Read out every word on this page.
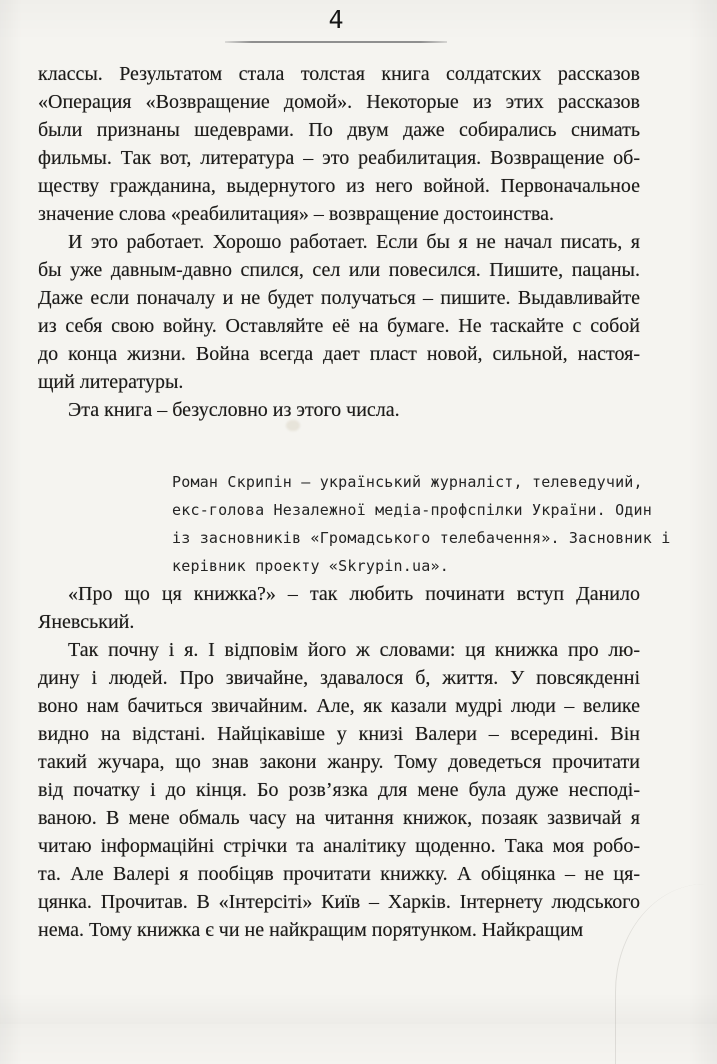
4
классы. Результатом стала толстая книга солдатских рассказов
«Операция «Возвращение домой». Некоторые из этих рассказов
были признаны шедеврами. По двум даже собирались снимать
фильмы. Так вот, литература – это реабилитация. Возвращение об-
ществу гражданина, выдернутого из него войной. Первоначальное
значение слова «реабилитация» – возвращение достоинства.
И это работает. Хорошо работает. Если бы я не начал писать, я
бы уже давным-давно спился, сел или повесился. Пишите, пацаны.
Даже если поначалу и не будет получаться – пишите. Выдавливайте
из себя свою войну. Оставляйте её на бумаге. Не таскайте с собой
до конца жизни. Война всегда дает пласт новой, сильной, настоя-
щий литературы.
Эта книга – безусловно из этого числа.
Роман Скрипін – український журналіст, телеведучий,
екс-голова Незалежної медіа-профспілки України. Один
із засновників «Громадського телебачення». Засновник і
керівник проекту «Skrypin.ua».
«Про що ця книжка?» – так любить починати вступ Данило
Яневський.
Так почну і я. І відповім його ж словами: ця книжка про лю-
дину і людей. Про звичайне, здавалося б, життя. У повсякденні
воно нам бачиться звичайним. Але, як казали мудрі люди – велике
видно на відстані. Найцікавіше у книзі Валери – всередині. Він
такий жучара, що знав закони жанру. Тому доведеться прочитати
від початку і до кінця. Бо розв’язка для мене була дуже несподі-
ваною. В мене обмаль часу на читання книжок, позаяк зазвичай я
читаю інформаційні стрічки та аналітику щоденно. Така моя робо-
та. Але Валері я пообіцяв прочитати книжку. А обіцянка – не ця-
цянка. Прочитав. В «Інтерсіті» Київ – Харків. Інтернету людського
нема. Тому книжка є чи не найкращим порятунком. Найкращим
